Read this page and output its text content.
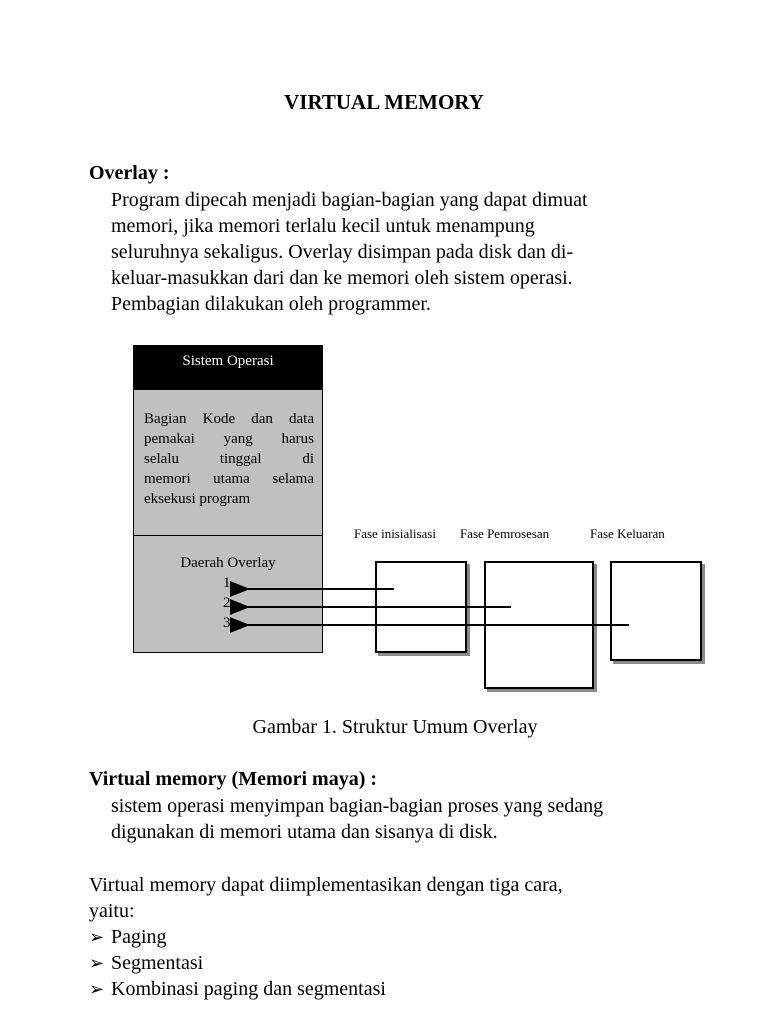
VIRTUAL MEMORY
Overlay :
Program dipecah menjadi bagian-bagian yang dapat dimuat
memori, jika memori terlalu kecil untuk menampung
seluruhnya sekaligus. Overlay disimpan pada disk dan di-
keluar-masukkan dari dan ke memori oleh sistem operasi.
Pembagian dilakukan oleh programmer.
Sistem Operasi
Bagian Kode dan data
pemakai yang harus
selalu tinggal di
memori utama selama
eksekusi program
Daerah Overlay
1
2
3
Fase inisialisasi Fase Pemrosesan	Fase Keluaran
Gambar 1. Struktur Umum Overlay
Virtual memory (Memori maya) :
sistem operasi menyimpan bagian-bagian proses yang sedang
digunakan di memori utama dan sisanya di disk.
Virtual memory dapat diimplementasikan dengan tiga cara,
yaitu:
➢ Paging
➢ Segmentasi
➢ Kombinasi paging dan segmentasi
